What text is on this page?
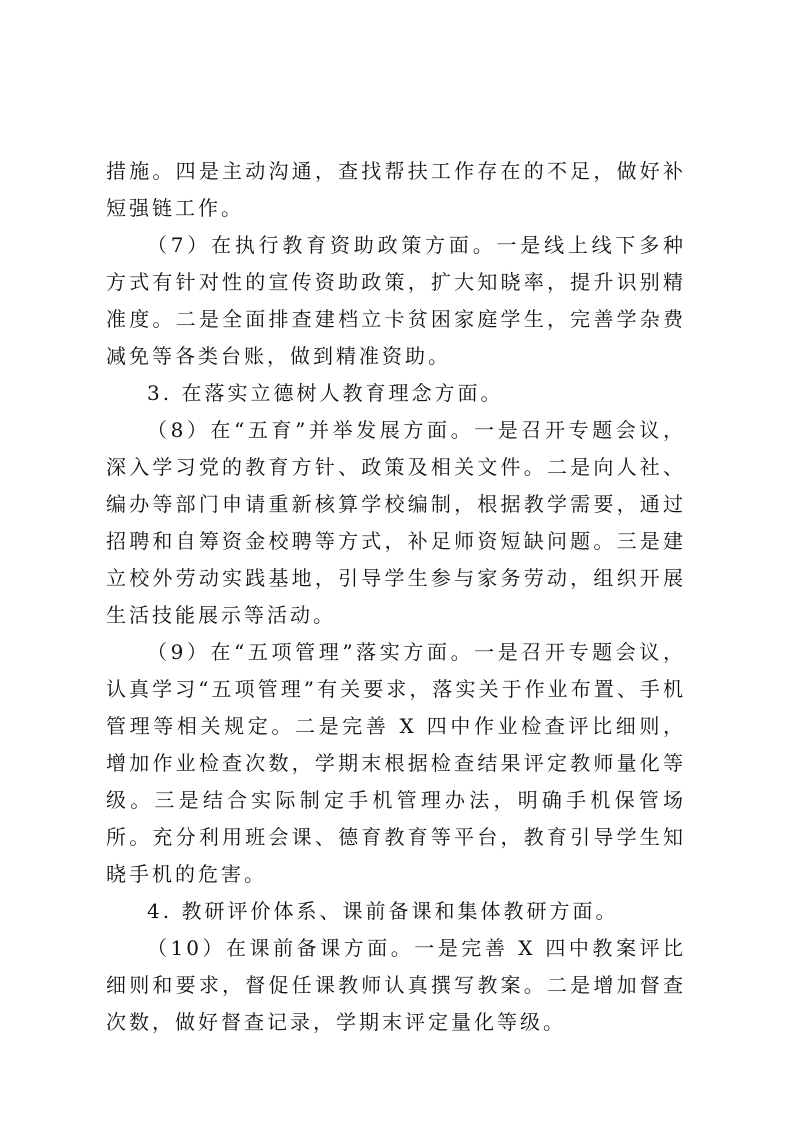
措施。四是主动沟通，查找帮扶工作存在的不足，做好补短强链工作。

（7）在执行教育资助政策方面。一是线上线下多种方式有针对性的宣传资助政策，扩大知晓率，提升识别精准度。二是全面排查建档立卡贫困家庭学生，完善学杂费减免等各类台账，做到精准资助。

3. 在落实立德树人教育理念方面。

（8）在“五育”并举发展方面。一是召开专题会议，深入学习党的教育方针、政策及相关文件。二是向人社、编办等部门申请重新核算学校编制，根据教学需要，通过招聘和自筹资金校聘等方式，补足师资短缺问题。三是建立校外劳动实践基地，引导学生参与家务劳动，组织开展生活技能展示等活动。

（9）在“五项管理”落实方面。一是召开专题会议，认真学习“五项管理”有关要求，落实关于作业布置、手机管理等相关规定。二是完善 X 四中作业检查评比细则，增加作业检查次数，学期末根据检查结果评定教师量化等级。三是结合实际制定手机管理办法，明确手机保管场所。充分利用班会课、德育教育等平台，教育引导学生知晓手机的危害。

4. 教研评价体系、课前备课和集体教研方面。

（10）在课前备课方面。一是完善 X 四中教案评比细则和要求，督促任课教师认真撰写教案。二是增加督查次数，做好督查记录，学期末评定量化等级。
